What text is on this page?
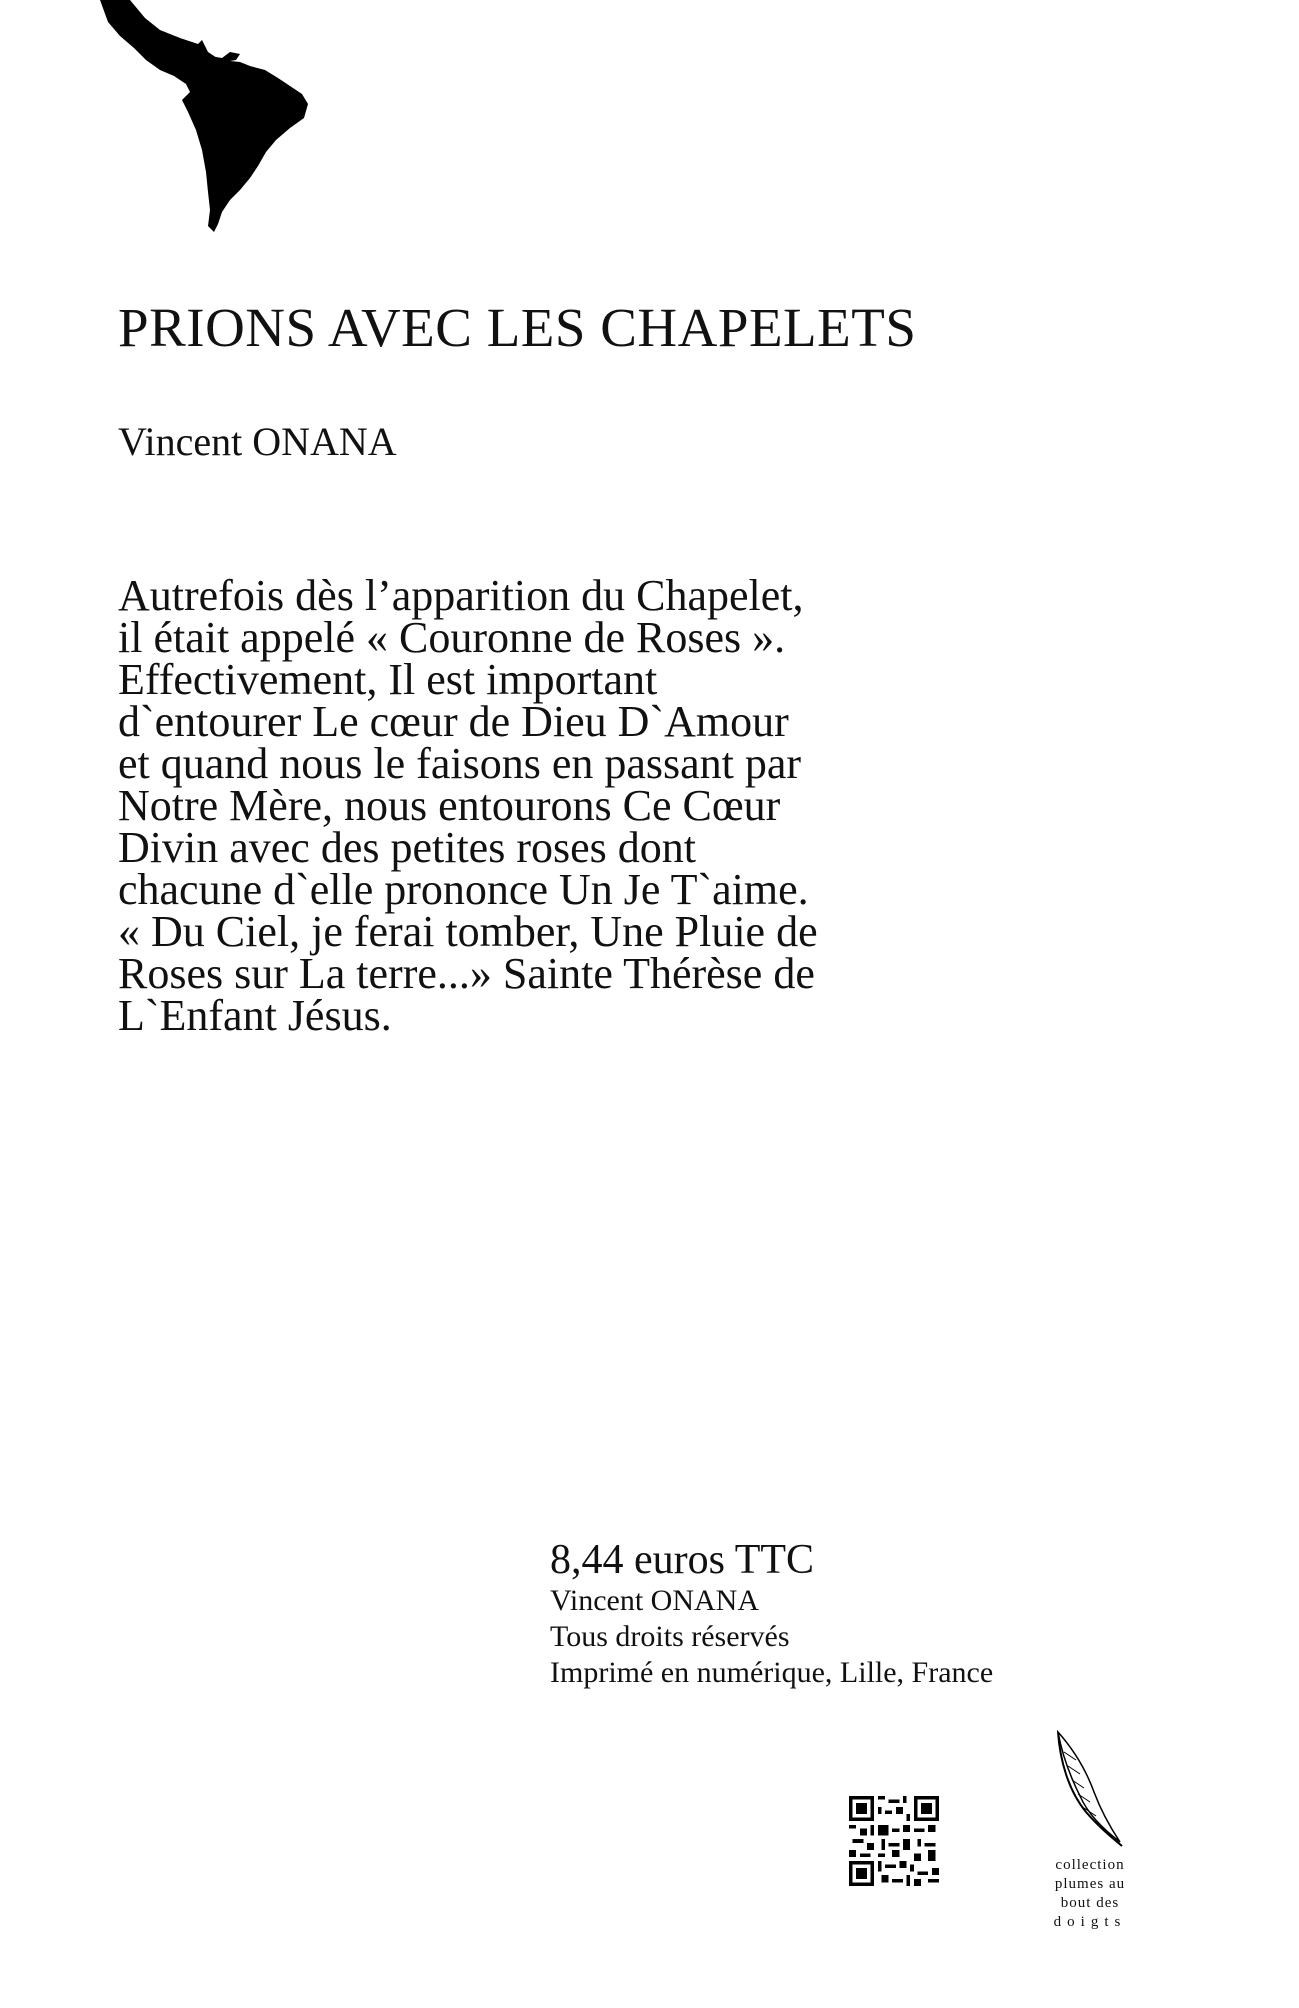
PRIONS AVEC LES CHAPELETS
Vincent ONANA
Autrefois dès l’apparition du Chapelet,
il était appelé « Couronne de Roses ».
Effectivement, Il est important
d`entourer Le cœur de Dieu D`Amour
et quand nous le faisons en passant par
Notre Mère, nous entourons Ce Cœur
Divin avec des petites roses dont
chacune d`elle prononce Un Je T`aime.
« Du Ciel, je ferai tomber, Une Pluie de
Roses sur La terre...» Sainte Thérèse de
L`Enfant Jésus.
8,44 euros TTC
Vincent ONANA
Tous droits réservés
Imprimé en numérique, Lille, France
collection
plumes au
bout des
doigts
